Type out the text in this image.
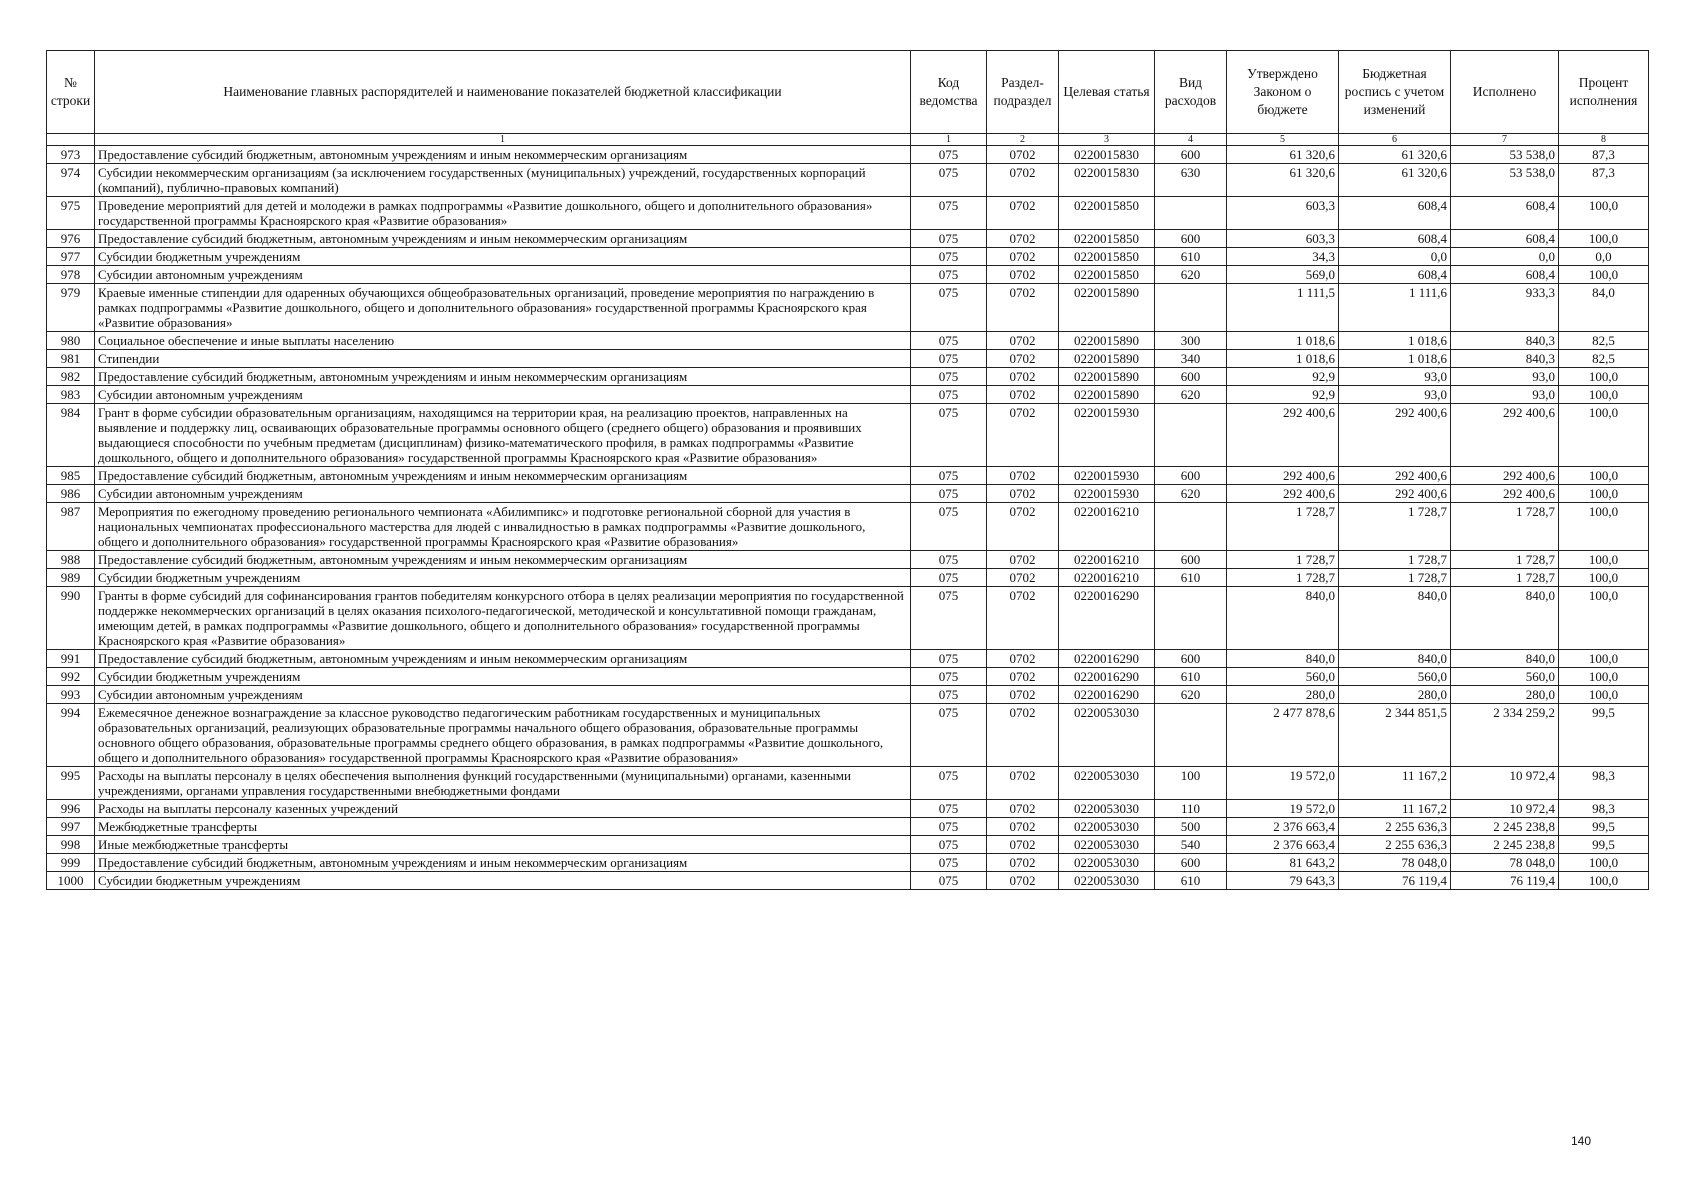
№ строки	Наименование главных распорядителей и наименование показателей бюджетной классификации	Код ведомства	Раздел-подраздел	Целевая статья	Вид расходов	Утверждено Законом о бюджете	Бюджетная роспись с учетом изменений	Исполнено	Процент исполнения
	1	1	2	3	4	5	6	7	8
973	Предоставление субсидий бюджетным, автономным учреждениям и иным некоммерческим организациям	075	0702	0220015830	600	61 320,6	61 320,6	53 538,0	87,3
974	Субсидии некоммерческим организациям (за исключением государственных (муниципальных) учреждений, государственных корпораций (компаний), публично-правовых компаний)	075	0702	0220015830	630	61 320,6	61 320,6	53 538,0	87,3
975	Проведение мероприятий для детей и молодежи в рамках подпрограммы «Развитие дошкольного, общего и дополнительного образования» государственной программы Красноярского края «Развитие образования»	075	0702	0220015850		603,3	608,4	608,4	100,0
976	Предоставление субсидий бюджетным, автономным учреждениям и иным некоммерческим организациям	075	0702	0220015850	600	603,3	608,4	608,4	100,0
977	Субсидии бюджетным учреждениям	075	0702	0220015850	610	34,3	0,0	0,0	0,0
978	Субсидии автономным учреждениям	075	0702	0220015850	620	569,0	608,4	608,4	100,0
979	Краевые именные стипендии для одаренных обучающихся общеобразовательных организаций, проведение мероприятия по награждению в рамках подпрограммы «Развитие дошкольного, общего и дополнительного образования» государственной программы Красноярского края «Развитие образования»	075	0702	0220015890		1 111,5	1 111,6	933,3	84,0
980	Социальное обеспечение и иные выплаты населению	075	0702	0220015890	300	1 018,6	1 018,6	840,3	82,5
981	Стипендии	075	0702	0220015890	340	1 018,6	1 018,6	840,3	82,5
982	Предоставление субсидий бюджетным, автономным учреждениям и иным некоммерческим организациям	075	0702	0220015890	600	92,9	93,0	93,0	100,0
983	Субсидии автономным учреждениям	075	0702	0220015890	620	92,9	93,0	93,0	100,0
984	Грант в форме субсидии образовательным организациям, находящимся на территории края, на реализацию проектов, направленных на выявление и поддержку лиц, осваивающих образовательные программы основного общего (среднего общего) образования и проявивших выдающиеся способности по учебным предметам (дисциплинам) физико-математического профиля, в рамках подпрограммы «Развитие дошкольного, общего и дополнительного образования» государственной программы Красноярского края «Развитие образования»	075	0702	0220015930		292 400,6	292 400,6	292 400,6	100,0
985	Предоставление субсидий бюджетным, автономным учреждениям и иным некоммерческим организациям	075	0702	0220015930	600	292 400,6	292 400,6	292 400,6	100,0
986	Субсидии автономным учреждениям	075	0702	0220015930	620	292 400,6	292 400,6	292 400,6	100,0
987	Мероприятия по ежегодному проведению регионального чемпионата «Абилимпикс» и подготовке региональной сборной для участия в национальных чемпионатах профессионального мастерства для людей с инвалидностью в рамках подпрограммы «Развитие дошкольного, общего и дополнительного образования» государственной программы Красноярского края «Развитие образования»	075	0702	0220016210		1 728,7	1 728,7	1 728,7	100,0
988	Предоставление субсидий бюджетным, автономным учреждениям и иным некоммерческим организациям	075	0702	0220016210	600	1 728,7	1 728,7	1 728,7	100,0
989	Субсидии бюджетным учреждениям	075	0702	0220016210	610	1 728,7	1 728,7	1 728,7	100,0
990	Гранты в форме субсидий для софинансирования грантов победителям конкурсного отбора в целях реализации мероприятия по государственной поддержке некоммерческих организаций в целях оказания психолого-педагогической, методической и консультативной помощи гражданам, имеющим детей, в рамках подпрограммы «Развитие дошкольного, общего и дополнительного образования» государственной программы Красноярского края «Развитие образования»	075	0702	0220016290		840,0	840,0	840,0	100,0
991	Предоставление субсидий бюджетным, автономным учреждениям и иным некоммерческим организациям	075	0702	0220016290	600	840,0	840,0	840,0	100,0
992	Субсидии бюджетным учреждениям	075	0702	0220016290	610	560,0	560,0	560,0	100,0
993	Субсидии автономным учреждениям	075	0702	0220016290	620	280,0	280,0	280,0	100,0
994	Ежемесячное денежное вознаграждение за классное руководство педагогическим работникам государственных и муниципальных образовательных организаций, реализующих образовательные программы начального общего образования, образовательные программы основного общего образования, образовательные программы среднего общего образования, в рамках подпрограммы «Развитие дошкольного, общего и дополнительного образования» государственной программы Красноярского края «Развитие образования»	075	0702	0220053030		2 477 878,6	2 344 851,5	2 334 259,2	99,5
995	Расходы на выплаты персоналу в целях обеспечения выполнения функций государственными (муниципальными) органами, казенными учреждениями, органами управления государственными внебюджетными фондами	075	0702	0220053030	100	19 572,0	11 167,2	10 972,4	98,3
996	Расходы на выплаты персоналу казенных учреждений	075	0702	0220053030	110	19 572,0	11 167,2	10 972,4	98,3
997	Межбюджетные трансферты	075	0702	0220053030	500	2 376 663,4	2 255 636,3	2 245 238,8	99,5
998	Иные межбюджетные трансферты	075	0702	0220053030	540	2 376 663,4	2 255 636,3	2 245 238,8	99,5
999	Предоставление субсидий бюджетным, автономным учреждениям и иным некоммерческим организациям	075	0702	0220053030	600	81 643,2	78 048,0	78 048,0	100,0
1000	Субсидии бюджетным учреждениям	075	0702	0220053030	610	79 643,3	76 119,4	76 119,4	100,0
140
